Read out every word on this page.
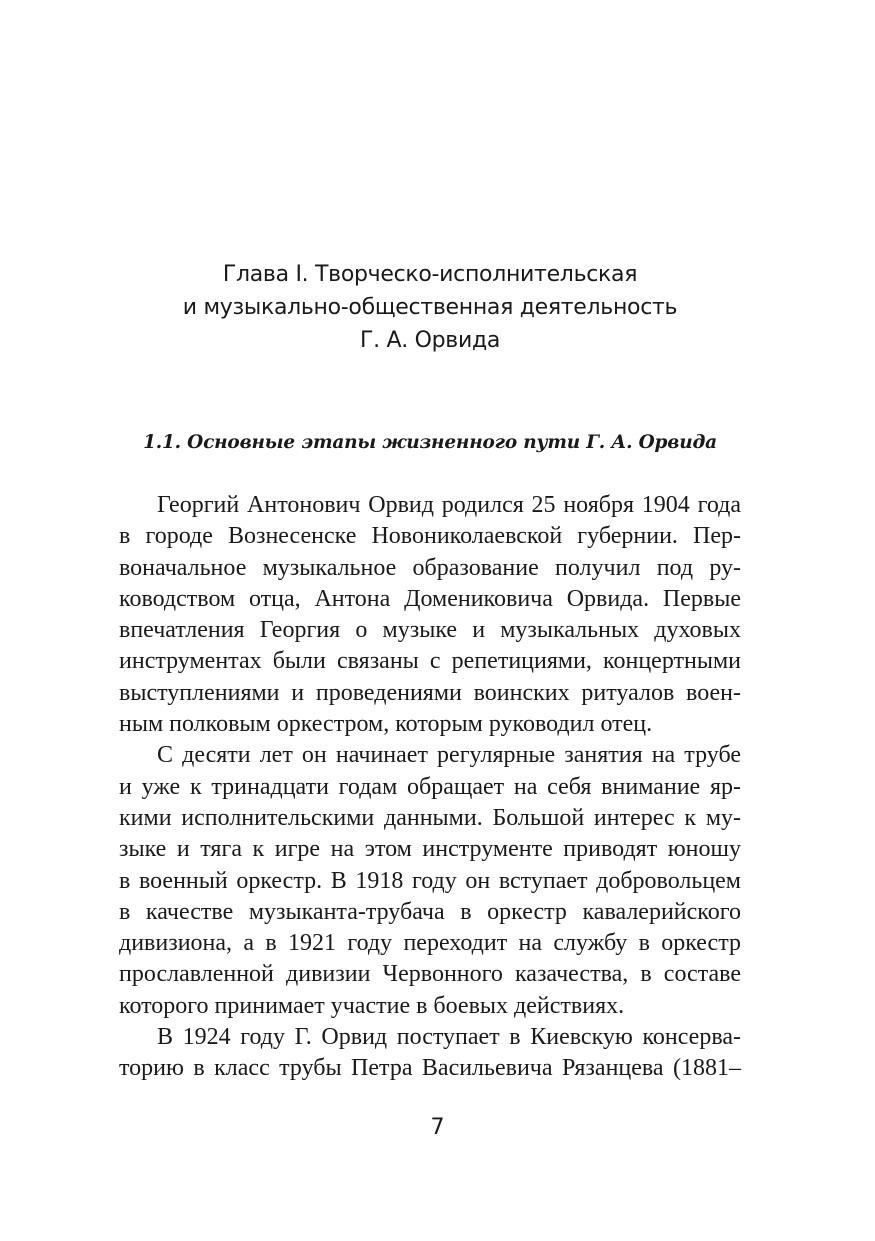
Глава I. Творческо-исполнительская
и музыкально-общественная деятельность
Г. А. Орвида
1.1. Основные этапы жизненного пути Г. А. Орвида
Георгий Антонович Орвид родился 25 ноября 1904 года
в городе Вознесенске Новониколаевской губернии. Пер-
воначальное музыкальное образование получил под ру-
ководством отца, Антона Домениковича Орвида. Первые
впечатления Георгия о музыке и музыкальных духовых
инструментах были связаны с репетициями, концертными
выступлениями и проведениями воинских ритуалов воен-
ным полковым оркестром, которым руководил отец.
С десяти лет он начинает регулярные занятия на трубе
и уже к тринадцати годам обращает на себя внимание яр-
кими исполнительскими данными. Большой интерес к му-
зыке и тяга к игре на этом инструменте приводят юношу
в военный оркестр. В 1918 году он вступает добровольцем
в качестве музыканта-трубача в оркестр кавалерийского
дивизиона, а в 1921 году переходит на службу в оркестр
прославленной дивизии Червонного казачества, в составе
которого принимает участие в боевых действиях.
В 1924 году Г. Орвид поступает в Киевскую консерва-
торию в класс трубы Петра Васильевича Рязанцева (1881–
7
